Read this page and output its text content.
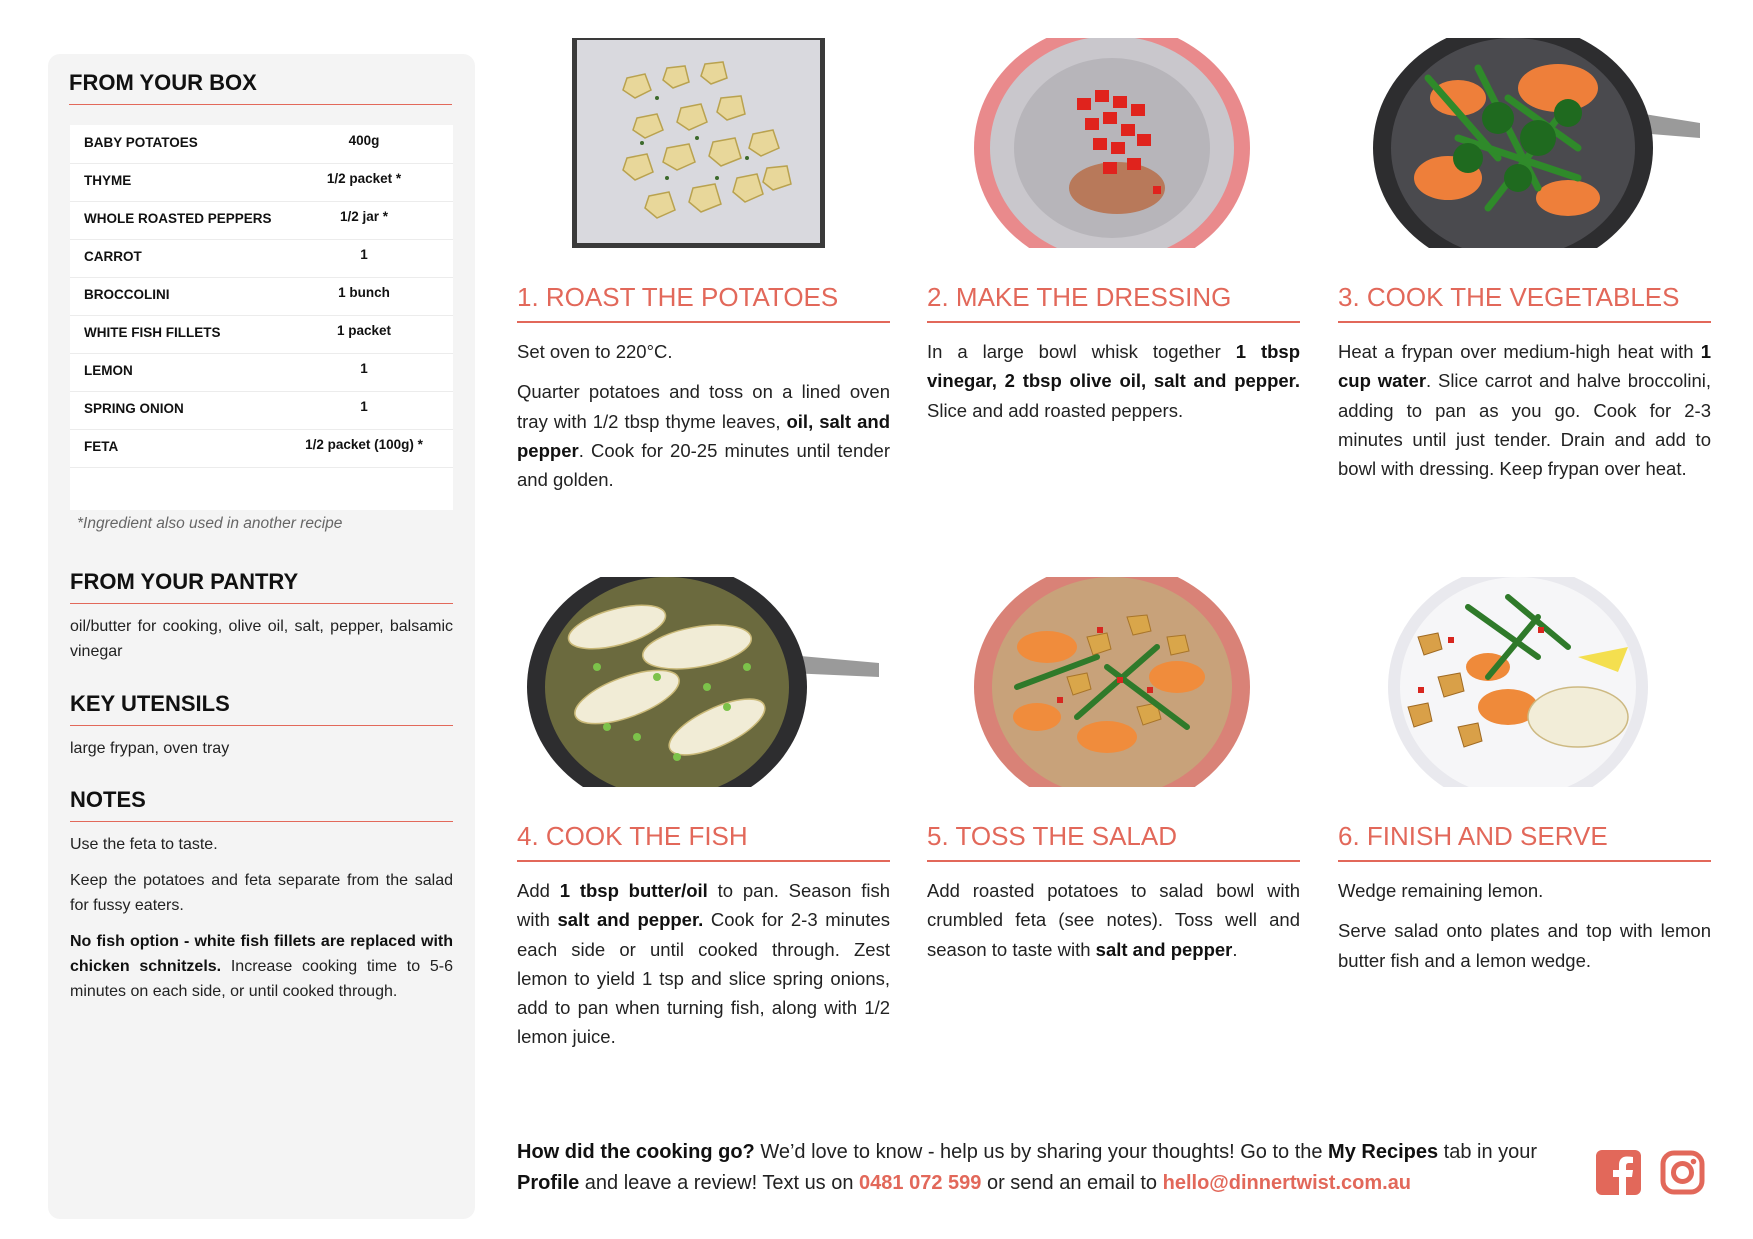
FROM YOUR BOX
BABY POTATOES	400g
THYME	1/2 packet *
WHOLE ROASTED PEPPERS	1/2 jar *
CARROT	1
BROCCOLINI	1 bunch
WHITE FISH FILLETS	1 packet
LEMON	1
SPRING ONION	1
FETA	1/2 packet (100g) *
*Ingredient also used in another recipe
FROM YOUR PANTRY
oil/butter for cooking, olive oil, salt, pepper, balsamic vinegar
KEY UTENSILS
large frypan, oven tray
NOTES

Use the feta to taste.

Keep the potatoes and feta separate from the salad for fussy eaters.

No fish option - white fish fillets are replaced with chicken schnitzels. Increase cooking time to 5-6 minutes on each side, or until cooked through.

1. ROAST THE POTATOES

Set oven to 220°C.

Quarter potatoes and toss on a lined oven tray with 1/2 tbsp thyme leaves, oil, salt and pepper. Cook for 20-25 minutes until tender and golden.

2. MAKE THE DRESSING

In a large bowl whisk together 1 tbsp vinegar, 2 tbsp olive oil, salt and pepper. Slice and add roasted peppers.

3. COOK THE VEGETABLES

Heat a frypan over medium-high heat with 1 cup water. Slice carrot and halve broccolini, adding to pan as you go. Cook for 2-3 minutes until just tender. Drain and add to bowl with dressing. Keep frypan over heat.

4. COOK THE FISH

Add 1 tbsp butter/oil to pan. Season fish with salt and pepper. Cook for 2-3 minutes each side or until cooked through. Zest lemon to yield 1 tsp and slice spring onions, add to pan when turning fish, along with 1/2 lemon juice.

5. TOSS THE SALAD

Add roasted potatoes to salad bowl with crumbled feta (see notes). Toss well and season to taste with salt and pepper.

6. FINISH AND SERVE

Wedge remaining lemon.

Serve salad onto plates and top with lemon butter fish and a lemon wedge.

How did the cooking go? We’d love to know - help us by sharing your thoughts! Go to the My Recipes tab in your Profile and leave a review! Text us on 0481 072 599 or send an email to hello@dinnertwist.com.au
